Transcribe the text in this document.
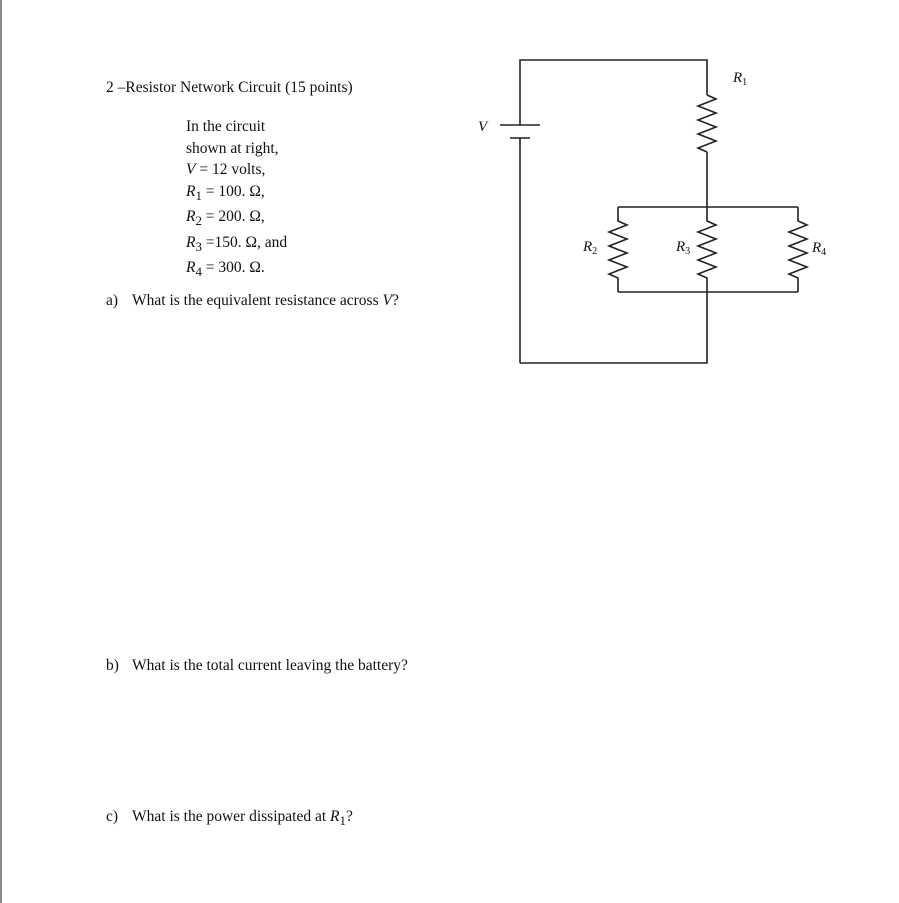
2 –Resistor Network Circuit (15 points)
In the circuit
shown at right,
V = 12 volts,
$R_1 = 100$. Ω,
$R_2 = 200$. Ω,
$R_3 =150$. Ω, and
$R_4 = 300$. Ω.
a) What is the equivalent resistance across V?
b) What is the total current leaving the battery?
c) What is the power dissipated at $R_1$?
V
$R_1$
$R_2$	$R_3$	$R_4$
